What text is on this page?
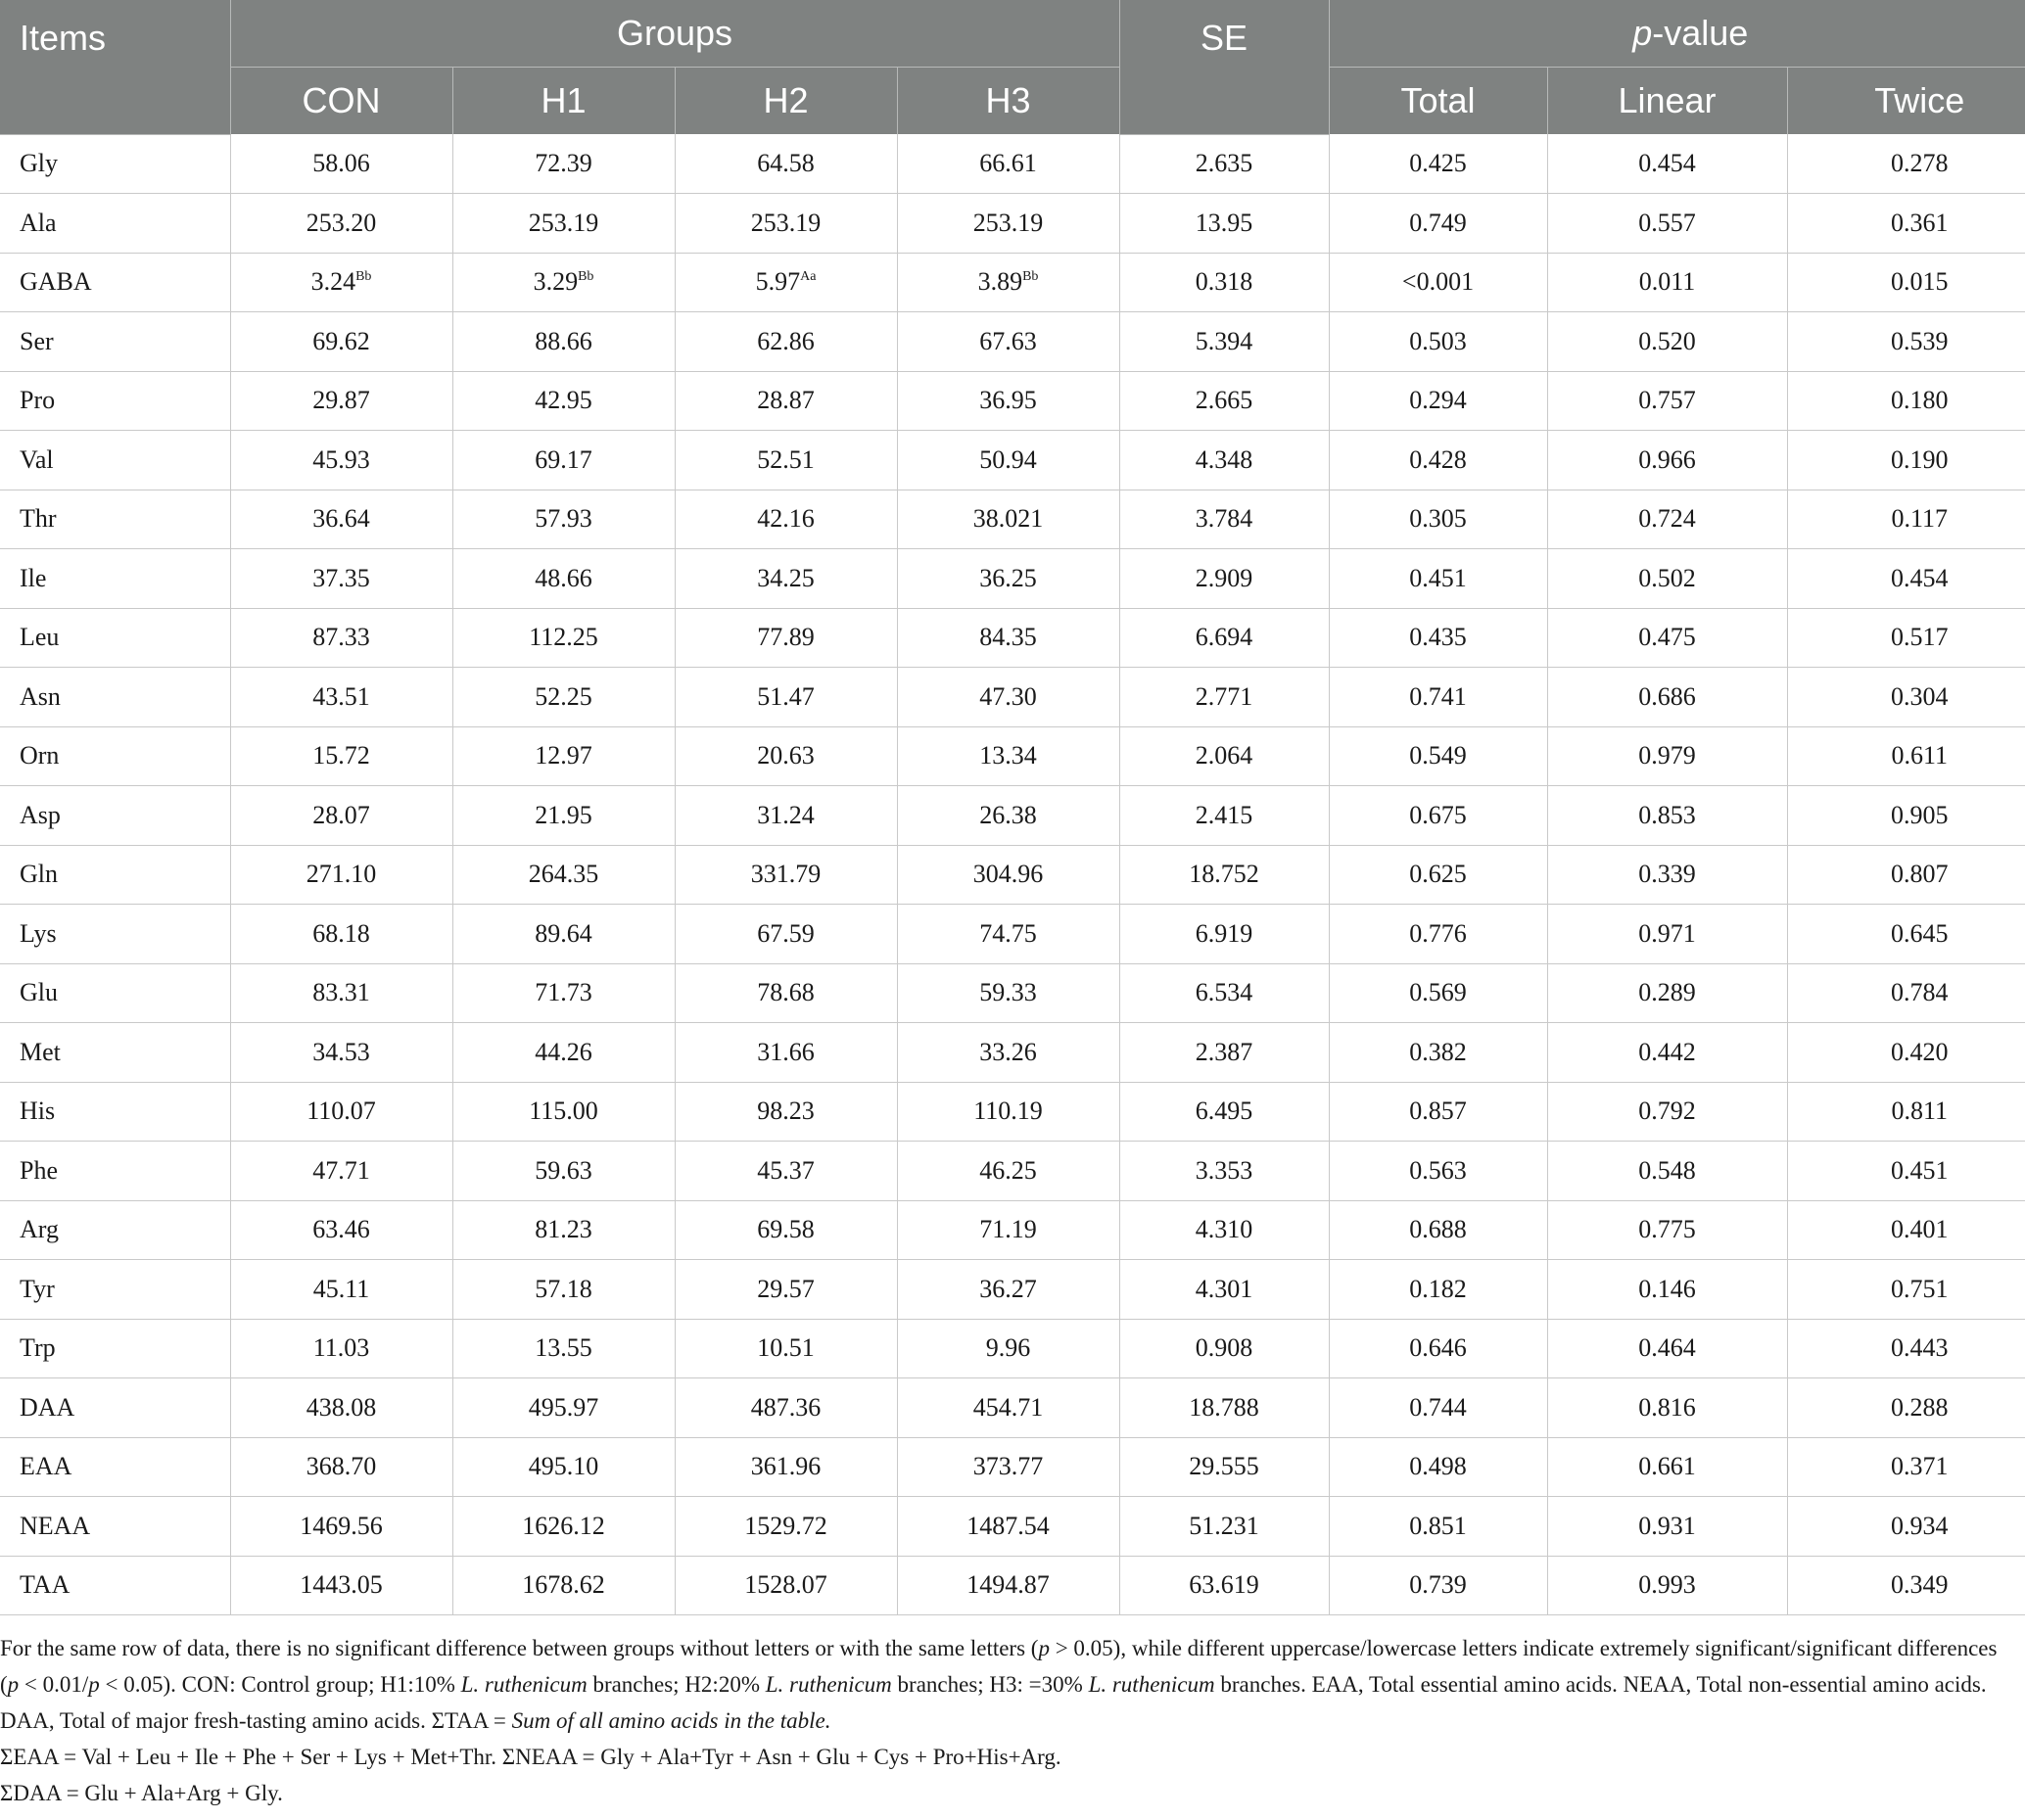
Items	Groups				SE	p-value		
	CON	H1	H2	H3		Total	Linear	Twice
Gly	58.06	72.39	64.58	66.61	2.635	0.425	0.454	0.278
Ala	253.20	253.19	253.19	253.19	13.95	0.749	0.557	0.361
GABA	$3.24^{Bb}$	$3.29^{Bb}$	$5.97^{Aa}$	$3.89^{Bb}$	0.318	<0.001	0.011	0.015
Ser	69.62	88.66	62.86	67.63	5.394	0.503	0.520	0.539
Pro	29.87	42.95	28.87	36.95	2.665	0.294	0.757	0.180
Val	45.93	69.17	52.51	50.94	4.348	0.428	0.966	0.190
Thr	36.64	57.93	42.16	38.021	3.784	0.305	0.724	0.117
Ile	37.35	48.66	34.25	36.25	2.909	0.451	0.502	0.454
Leu	87.33	112.25	77.89	84.35	6.694	0.435	0.475	0.517
Asn	43.51	52.25	51.47	47.30	2.771	0.741	0.686	0.304
Orn	15.72	12.97	20.63	13.34	2.064	0.549	0.979	0.611
Asp	28.07	21.95	31.24	26.38	2.415	0.675	0.853	0.905
Gln	271.10	264.35	331.79	304.96	18.752	0.625	0.339	0.807
Lys	68.18	89.64	67.59	74.75	6.919	0.776	0.971	0.645
Glu	83.31	71.73	78.68	59.33	6.534	0.569	0.289	0.784
Met	34.53	44.26	31.66	33.26	2.387	0.382	0.442	0.420
His	110.07	115.00	98.23	110.19	6.495	0.857	0.792	0.811
Phe	47.71	59.63	45.37	46.25	3.353	0.563	0.548	0.451
Arg	63.46	81.23	69.58	71.19	4.310	0.688	0.775	0.401
Tyr	45.11	57.18	29.57	36.27	4.301	0.182	0.146	0.751
Trp	11.03	13.55	10.51	9.96	0.908	0.646	0.464	0.443
DAA	438.08	495.97	487.36	454.71	18.788	0.744	0.816	0.288
EAA	368.70	495.10	361.96	373.77	29.555	0.498	0.661	0.371
NEAA	1469.56	1626.12	1529.72	1487.54	51.231	0.851	0.931	0.934
TAA	1443.05	1678.62	1528.07	1494.87	63.619	0.739	0.993	0.349

For the same row of data, there is no significant difference between groups without letters or with the same letters (p > 0.05), while different uppercase/lowercase letters indicate extremely significant/significant differences (p < 0.01/p < 0.05). CON: Control group; H1:10% L. ruthenicum branches; H2:20% L. ruthenicum branches; H3: =30% L. ruthenicum branches. EAA, Total essential amino acids. NEAA, Total non-essential amino acids. DAA, Total of major fresh-tasting amino acids. ΣTAA = Sum of all amino acids in the table.

ΣEAA = Val + Leu + Ile + Phe + Ser + Lys + Met+Thr. ΣNEAA = Gly + Ala+Tyr + Asn + Glu + Cys + Pro+His+Arg.

ΣDAA = Glu + Ala+Arg + Gly.
